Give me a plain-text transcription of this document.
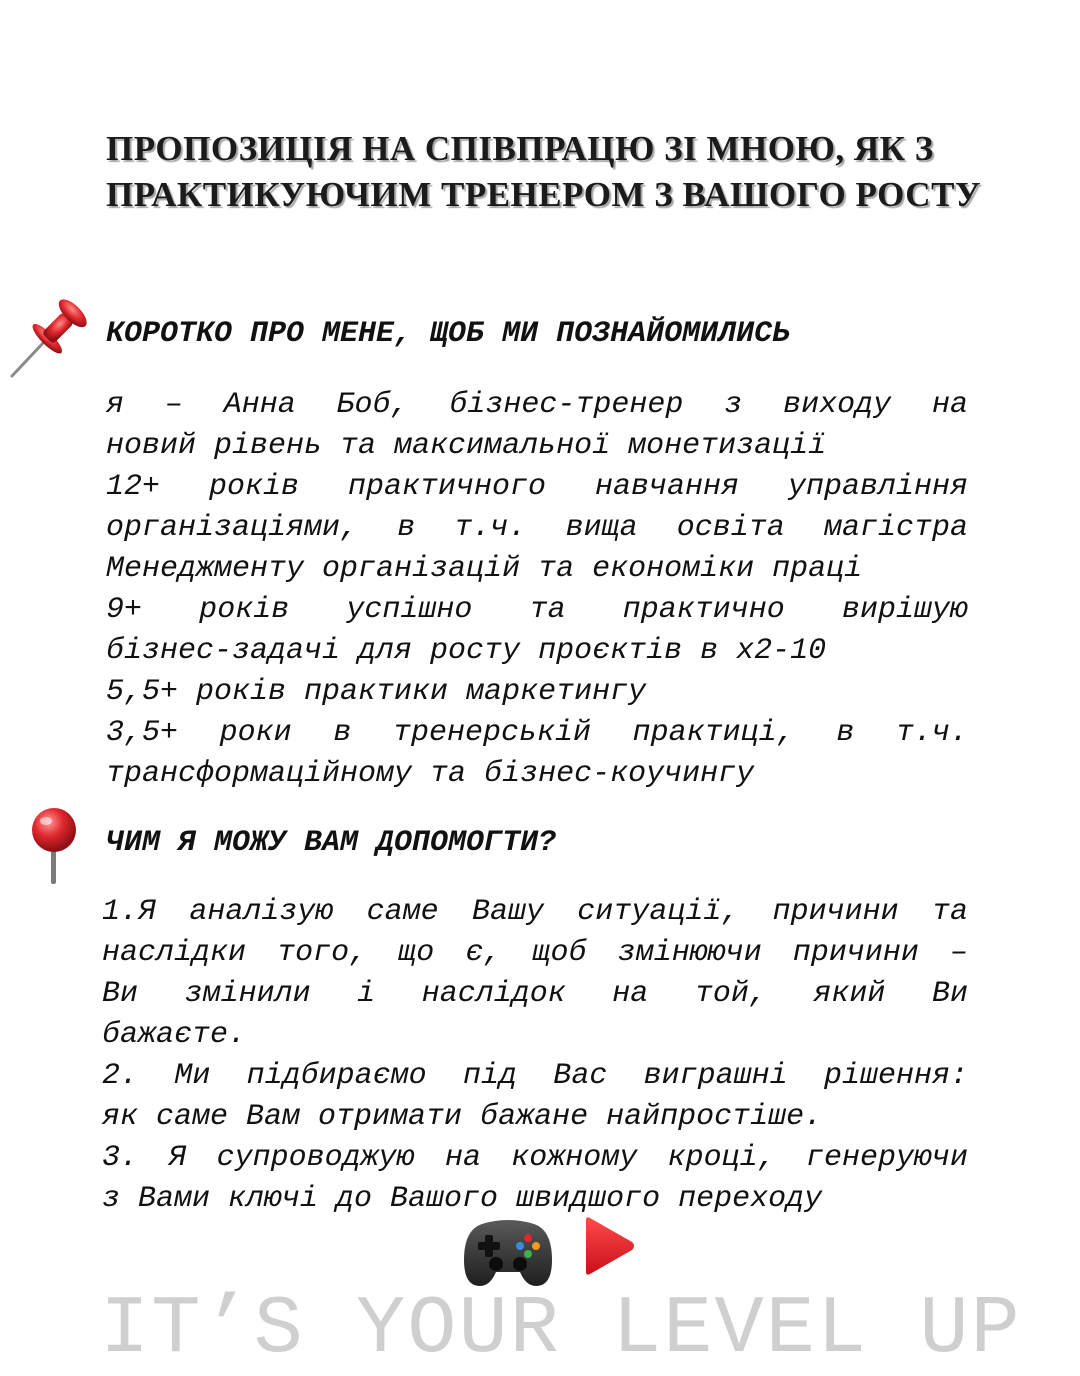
ПРОПОЗИЦІЯ НА СПІВПРАЦЮ ЗІ МНОЮ, ЯК З
ПРАКТИКУЮЧИМ ТРЕНЕРОМ З ВАШОГО РОСТУ
КОРОТКО ПРО МЕНЕ, ЩОБ МИ ПОЗНАЙОМИЛИСЬ
я – Анна Боб, бізнес-тренер з виходу на
новий рівень та максимальної монетизації
12+ років практичного навчання управління
організаціями, в т.ч. вища освіта магістра
Менеджменту організацій та економіки праці
9+ років успішно та практично вирішую
бізнес-задачі для росту проєктів в х2-10
5,5+ років практики маркетингу
3,5+ роки в тренерській практиці, в т.ч.
трансформаційному та бізнес-коучингу
ЧИМ Я МОЖУ ВАМ ДОПОМОГТИ?
1.Я аналізую саме Вашу ситуації, причини та
наслідки того, що є, щоб змінюючи причини –
Ви змінили і наслідок на той, який Ви
бажаєте.
2. Ми підбираємо під Вас виграшні рішення:
як саме Вам отримати бажане найпростіше.
3. Я супроводжую на кожному кроці, генеруючи
з Вами ключі до Вашого швидшого переходу
IT’S YOUR LEVEL UP
